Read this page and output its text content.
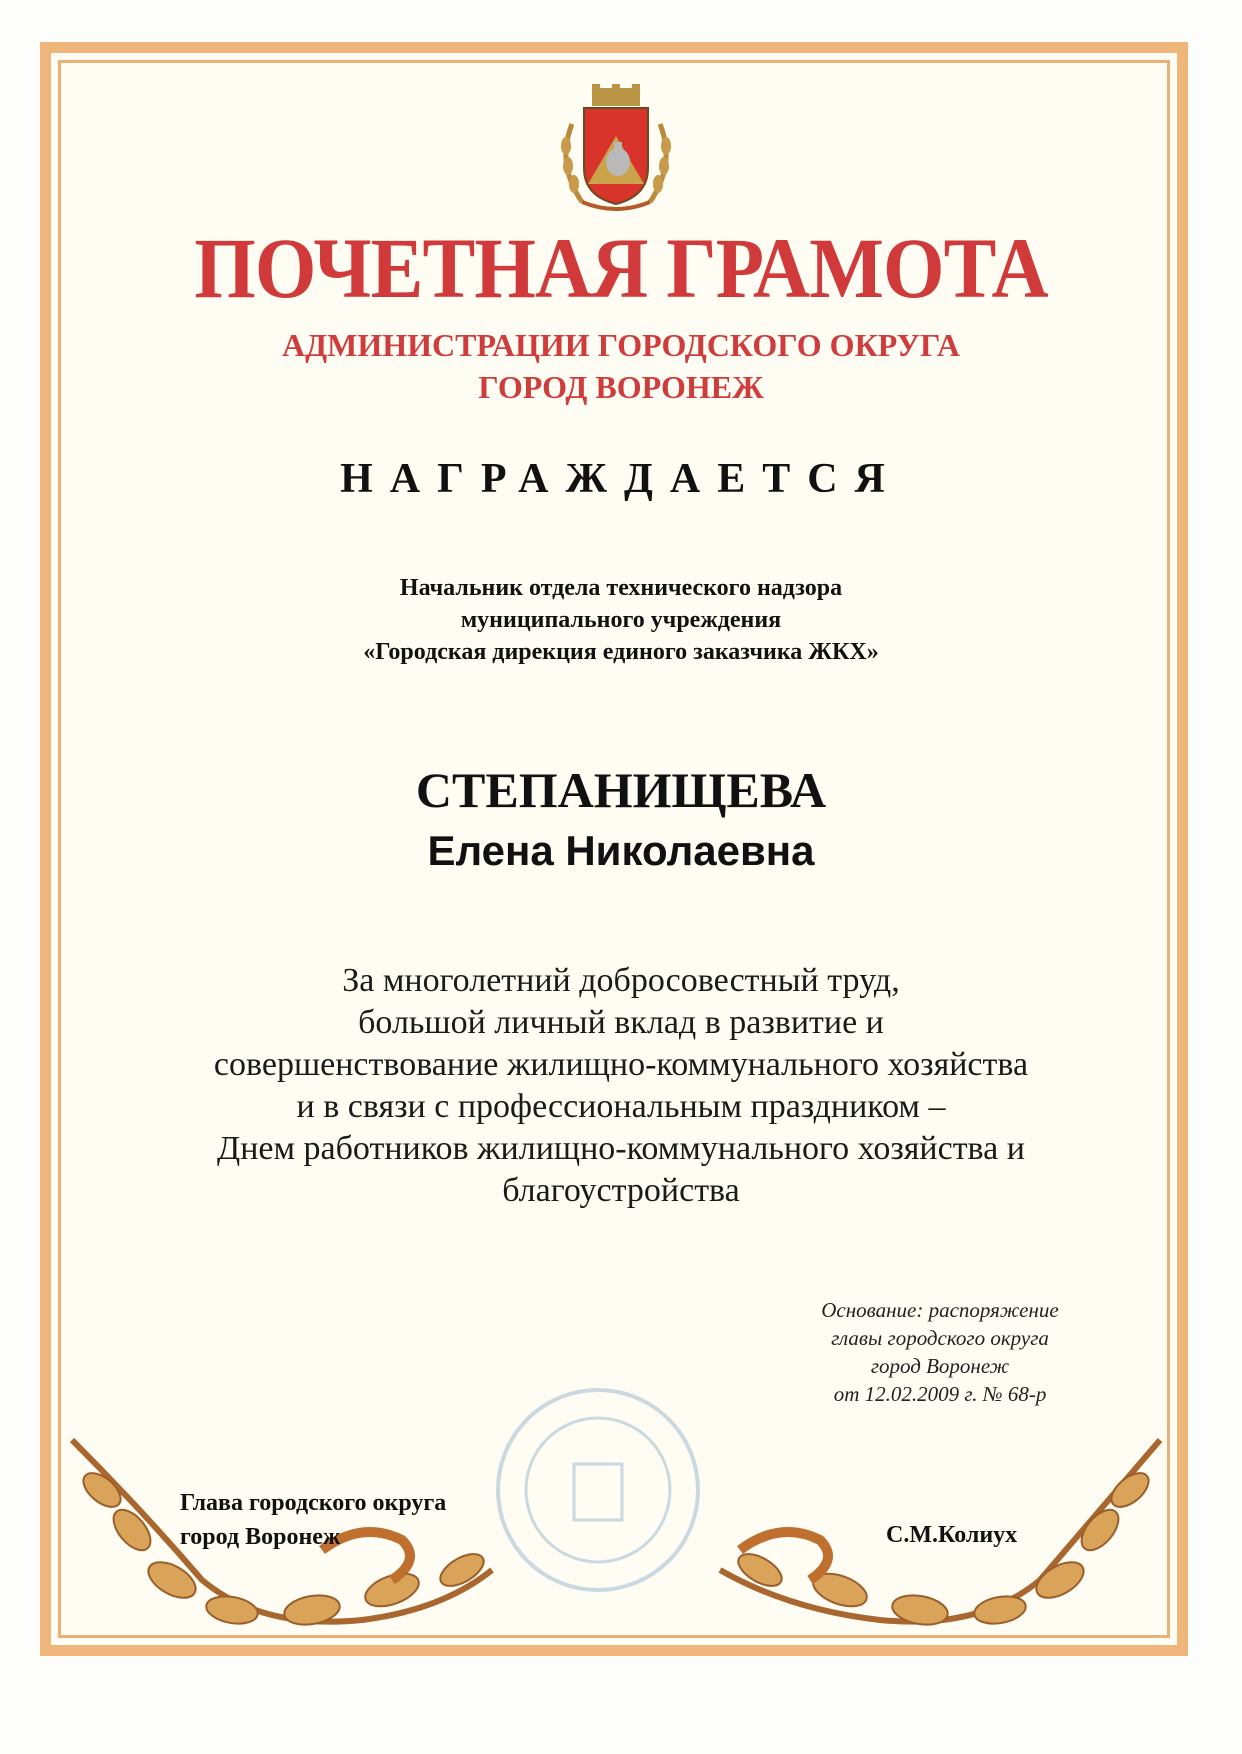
ПОЧЕТНАЯ ГРАМОТА
АДМИНИСТРАЦИИ ГОРОДСКОГО ОКРУГА
ГОРОД ВОРОНЕЖ
НАГРАЖДАЕТСЯ
Начальник отдела технического надзора
муниципального учреждения
«Городская дирекция единого заказчика ЖКХ»
СТЕПАНИЩЕВА
Елена Николаевна
За многолетний добросовестный труд,
большой личный вклад в развитие и
совершенствование жилищно-коммунального хозяйства
и в связи с профессиональным праздником –
Днем работников жилищно-коммунального хозяйства и
благоустройства
Основание: распоряжение
главы городского округа
город Воронеж
от 12.02.2009 г. № 68-р
Глава городского округа
город Воронеж	С.М.Колиух
